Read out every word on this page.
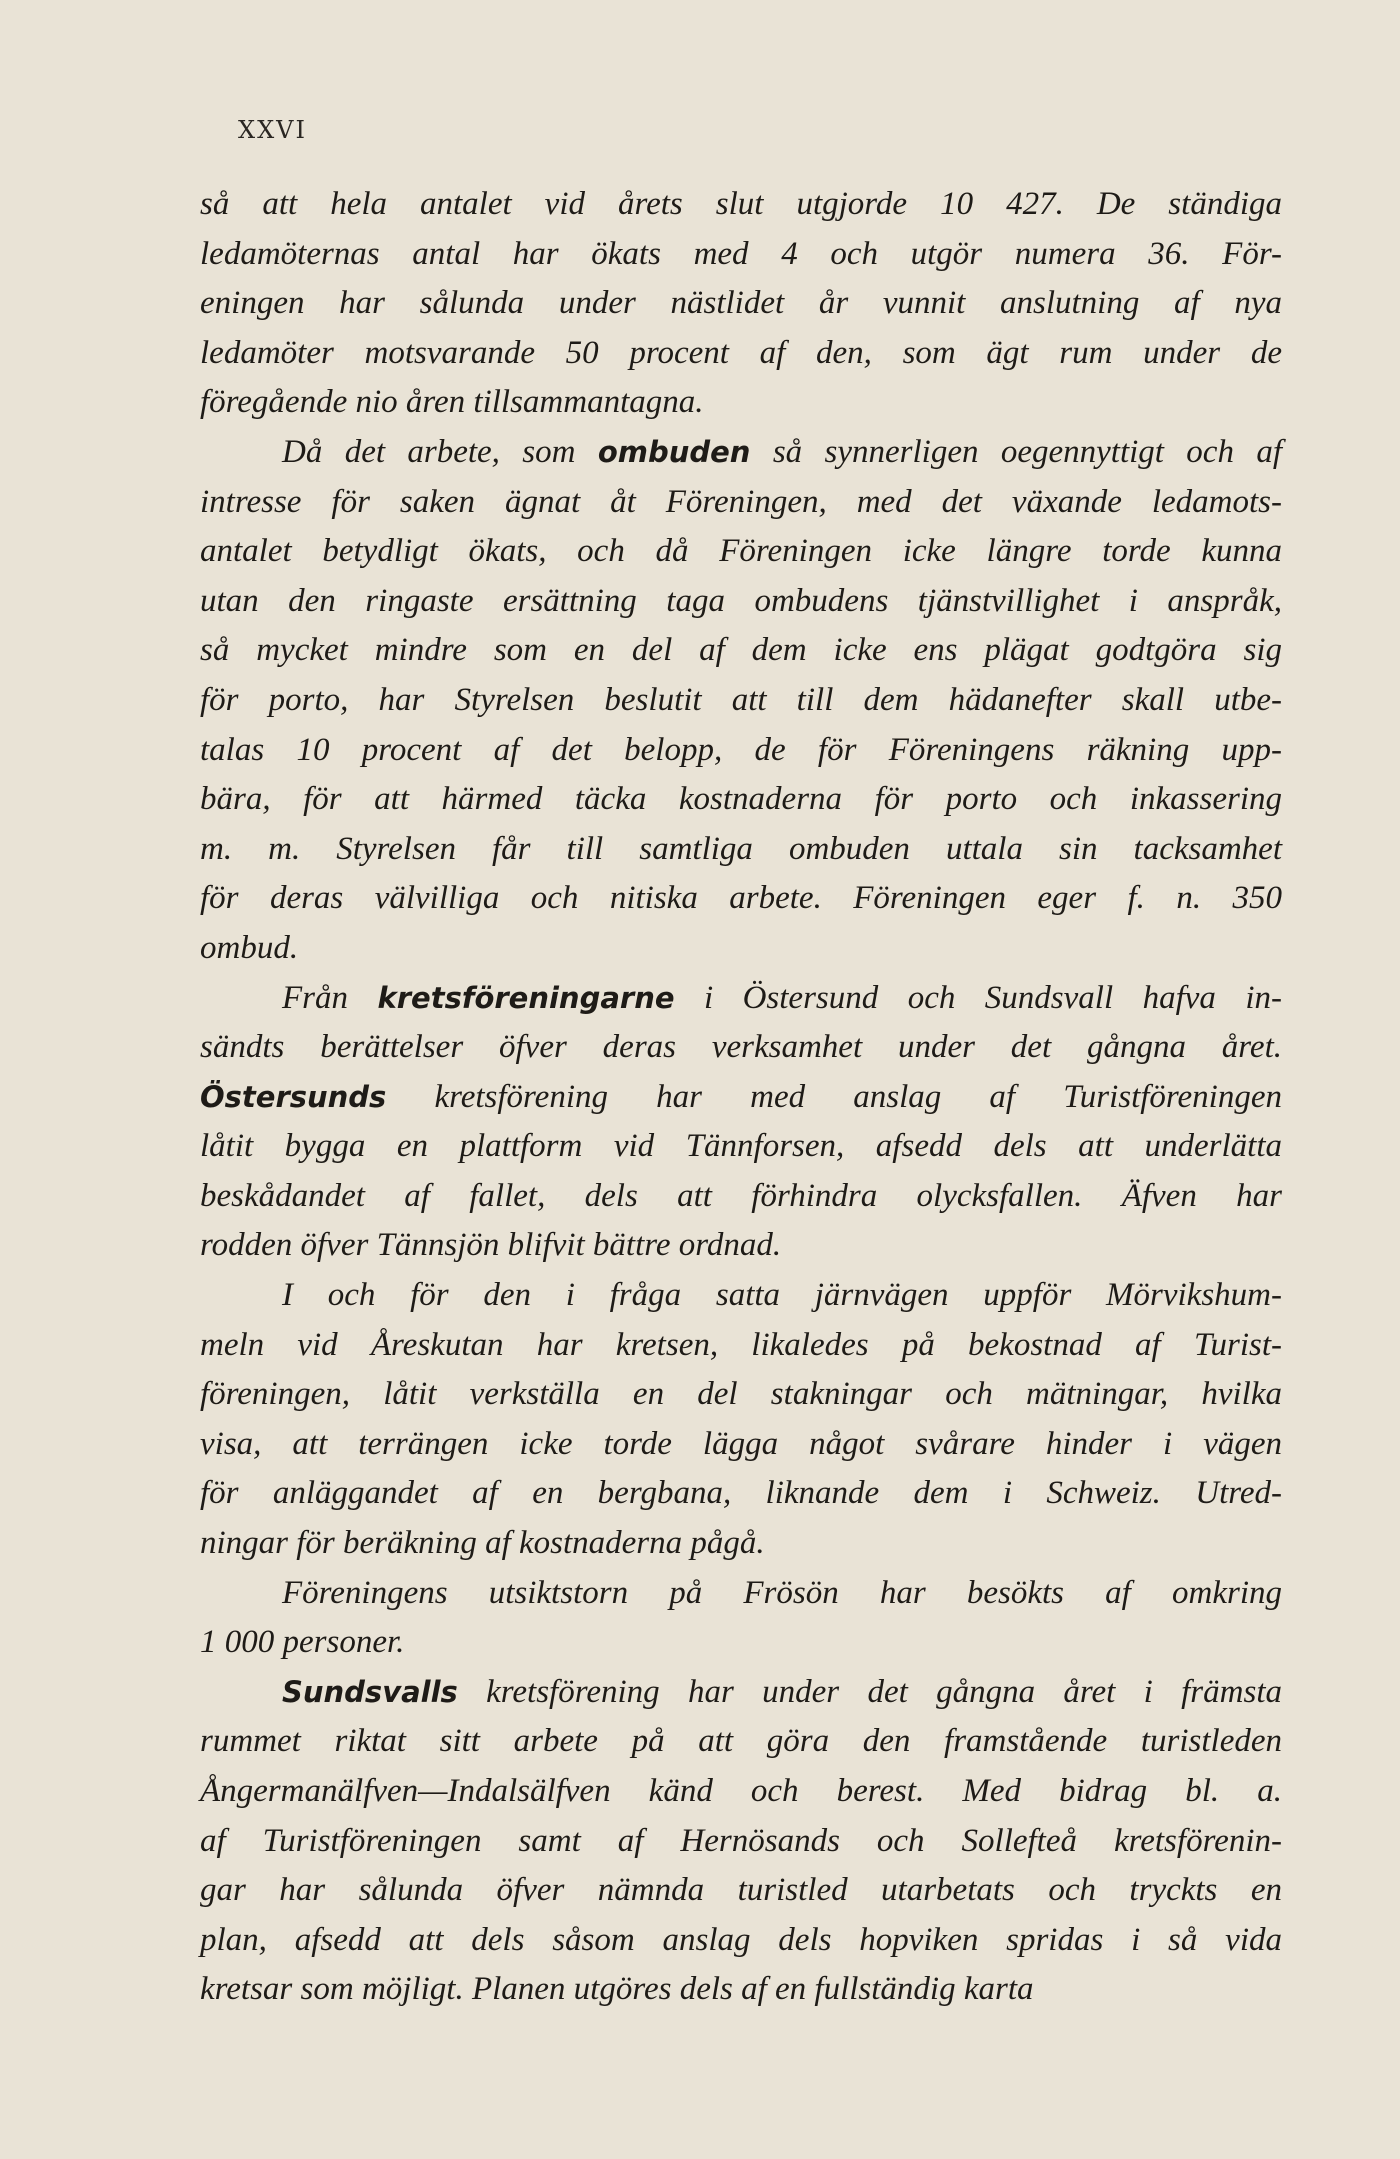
XXVI
så att hela antalet vid årets slut utgjorde 10 427. De ständiga
ledamöternas antal har ökats med 4 och utgör numera 36. För-
eningen har sålunda under nästlidet år vunnit anslutning af nya
ledamöter motsvarande 50 procent af den, som ägt rum under de
föregående nio åren tillsammantagna.
Då det arbete, som ombuden så synnerligen oegennyttigt och af
intresse för saken ägnat åt Föreningen, med det växande ledamots-
antalet betydligt ökats, och då Föreningen icke längre torde kunna
utan den ringaste ersättning taga ombudens tjänstvillighet i anspråk,
så mycket mindre som en del af dem icke ens plägat godtgöra sig
för porto, har Styrelsen beslutit att till dem hädanefter skall utbe-
talas 10 procent af det belopp, de för Föreningens räkning upp-
bära, för att härmed täcka kostnaderna för porto och inkassering
m. m. Styrelsen får till samtliga ombuden uttala sin tacksamhet
för deras välvilliga och nitiska arbete. Föreningen eger f. n. 350
ombud.
Från kretsföreningarne i Östersund och Sundsvall hafva in-
sändts berättelser öfver deras verksamhet under det gångna året.
Östersunds kretsförening har med anslag af Turistföreningen
låtit bygga en plattform vid Tännforsen, afsedd dels att underlätta
beskådandet af fallet, dels att förhindra olycksfallen. Äfven har
rodden öfver Tännsjön blifvit bättre ordnad.
I och för den i fråga satta järnvägen uppför Mörvikshum-
meln vid Åreskutan har kretsen, likaledes på bekostnad af Turist-
föreningen, låtit verkställa en del stakningar och mätningar, hvilka
visa, att terrängen icke torde lägga något svårare hinder i vägen
för anläggandet af en bergbana, liknande dem i Schweiz. Utred-
ningar för beräkning af kostnaderna pågå.
Föreningens utsiktstorn på Frösön har besökts af omkring
1 000 personer.
Sundsvalls kretsförening har under det gångna året i främsta
rummet riktat sitt arbete på att göra den framstående turistleden
Ångermanälfven—Indalsälfven känd och berest. Med bidrag bl. a.
af Turistföreningen samt af Hernösands och Sollefteå kretsförenin-
gar har sålunda öfver nämnda turistled utarbetats och tryckts en
plan, afsedd att dels såsom anslag dels hopviken spridas i så vida
kretsar som möjligt. Planen utgöres dels af en fullständig karta
